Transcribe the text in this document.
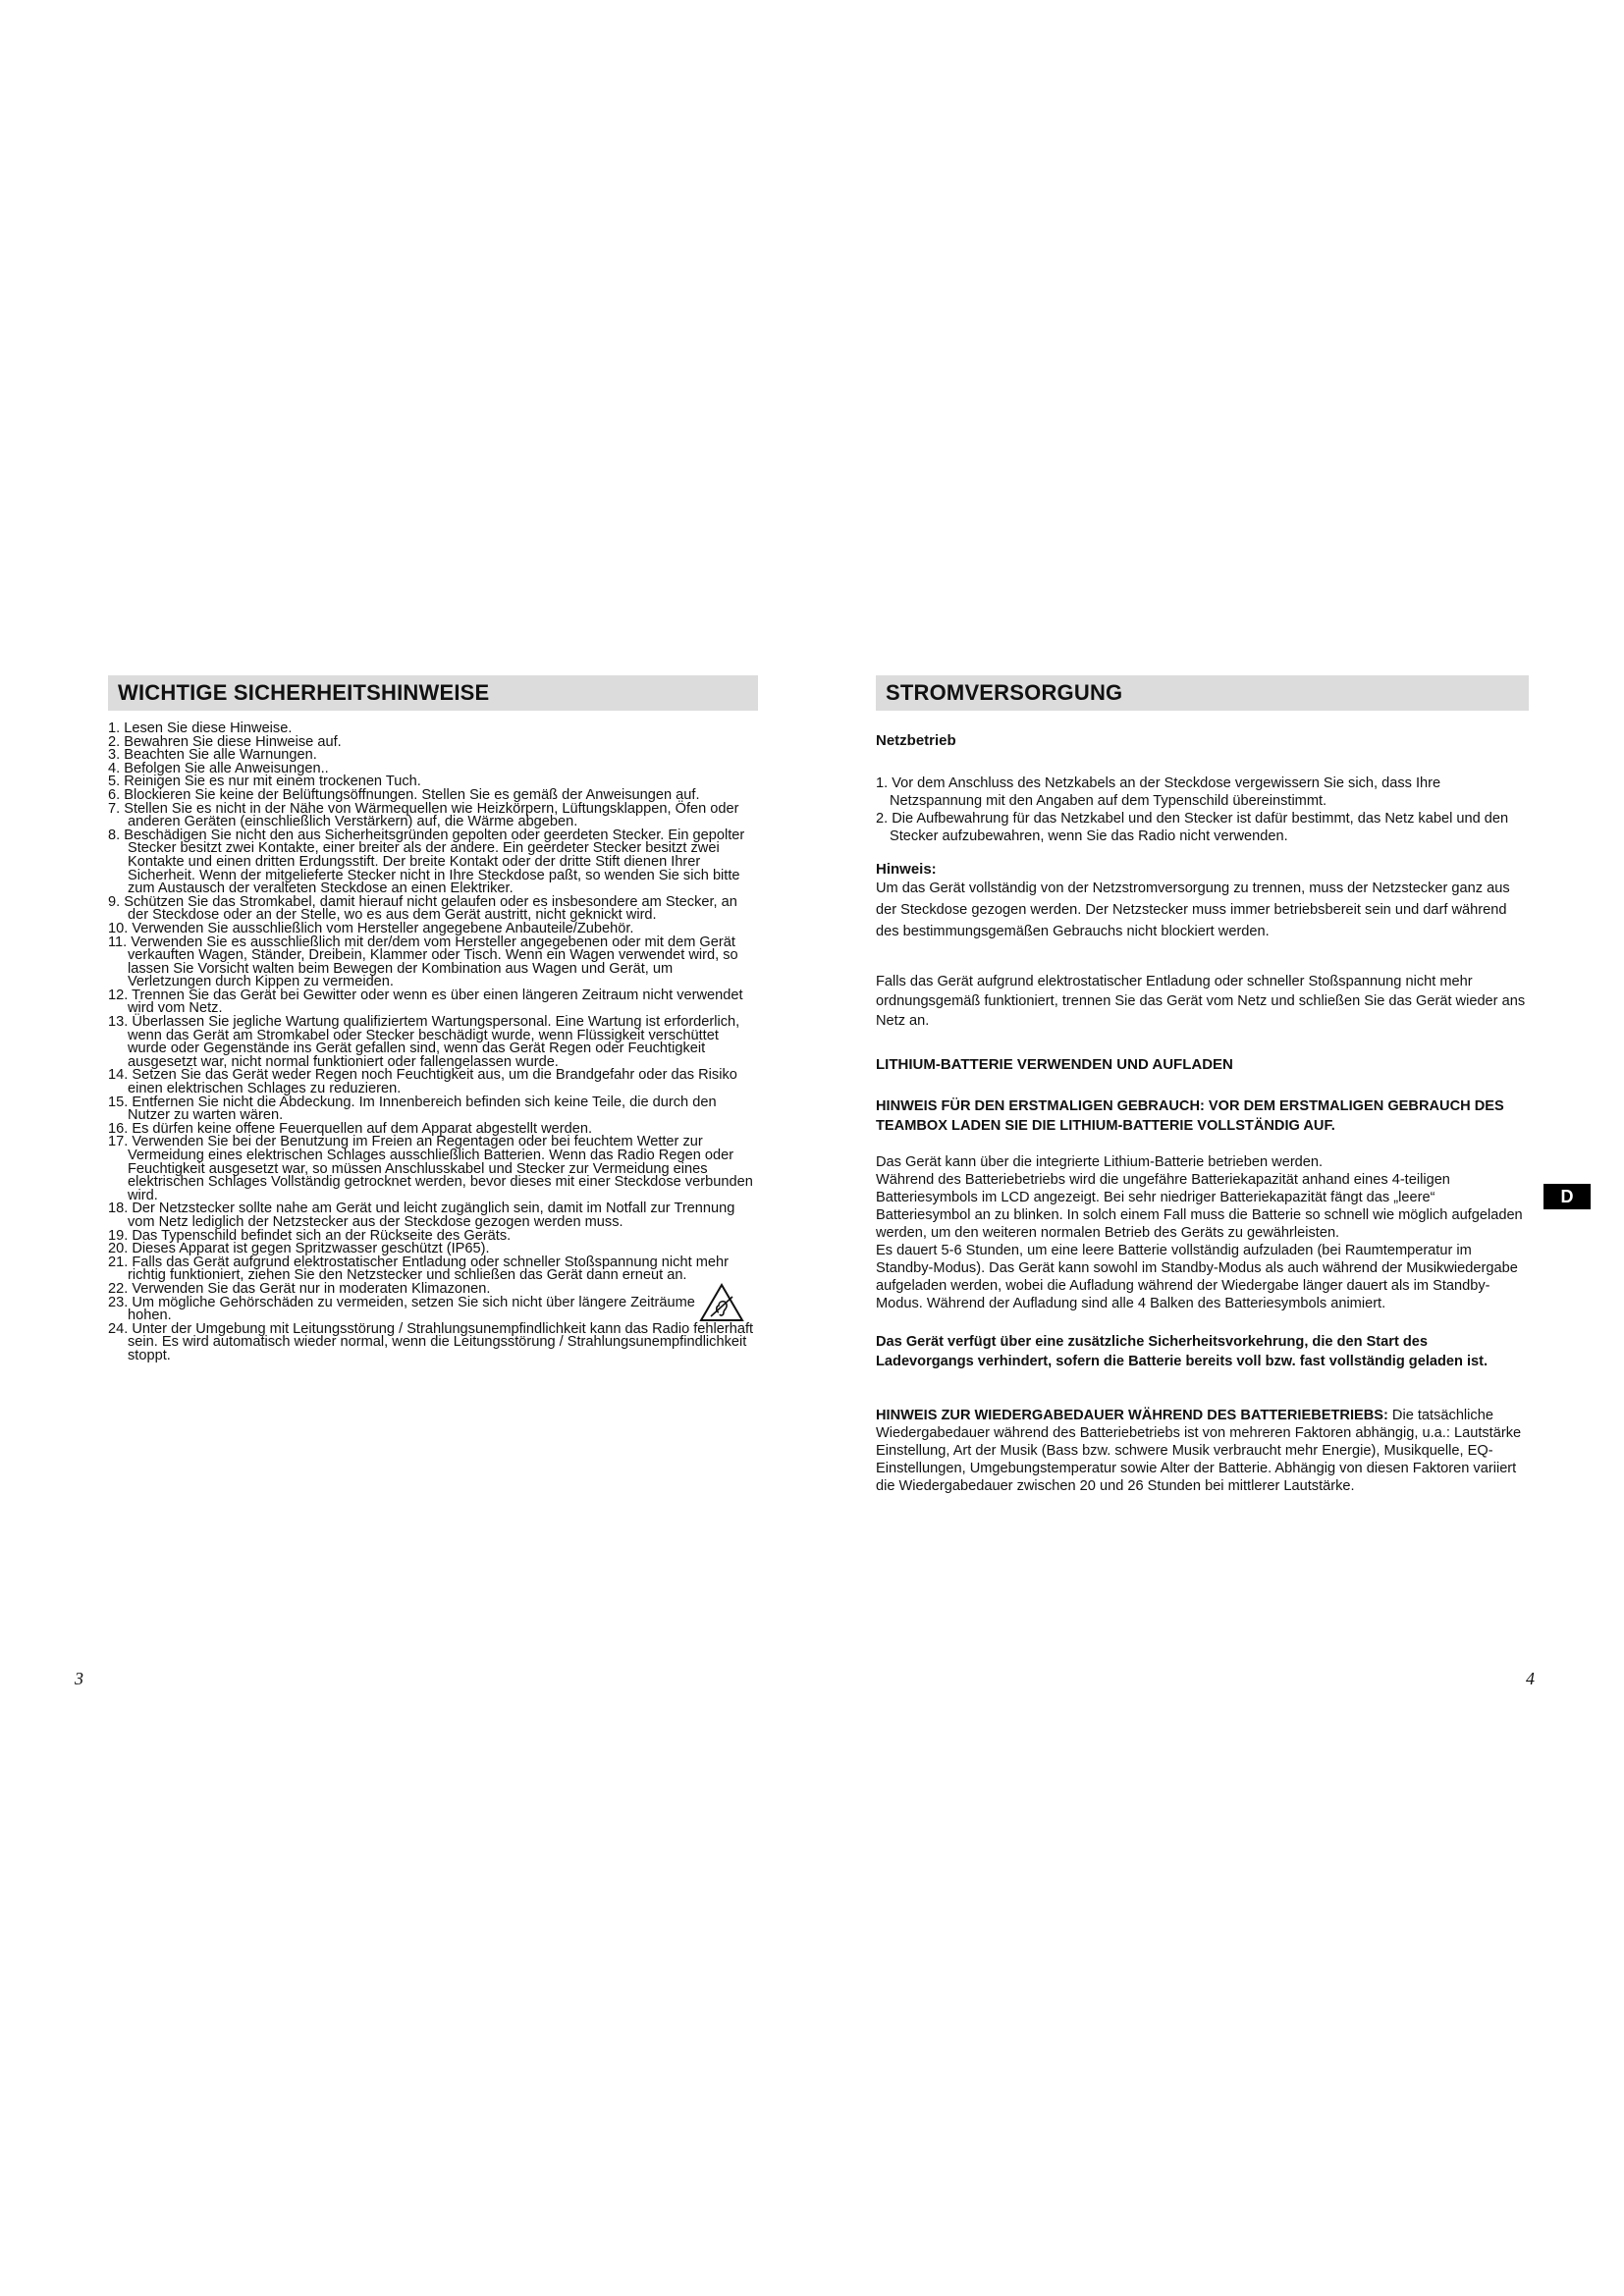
WICHTIGE SICHERHEITSHINWEISE
1. Lesen Sie diese Hinweise.
2. Bewahren Sie diese Hinweise auf.
3. Beachten Sie alle Warnungen.
4. Befolgen Sie alle Anweisungen..
5. Reinigen Sie es nur mit einem trockenen Tuch.
6. Blockieren Sie keine der Belüftungsöffnungen. Stellen Sie es gemäß der Anweisungen auf.
7. Stellen Sie es nicht in der Nähe von Wärmequellen wie Heizkörpern, Lüftungsklappen, Öfen oder anderen Geräten (einschließlich Verstärkern) auf, die Wärme abgeben.
8. Beschädigen Sie nicht den aus Sicherheitsgründen gepolten oder geerdeten Stecker. Ein gepolter Stecker besitzt zwei Kontakte, einer breiter als der andere. Ein geerdeter Stecker besitzt zwei Kontakte und einen dritten Erdungsstift. Der breite Kontakt oder der dritte Stift dienen Ihrer Sicherheit. Wenn der mitgelieferte Stecker nicht in Ihre Steckdose paßt, so wenden Sie sich bitte zum Austausch der veralteten Steckdose an einen Elektriker.
9. Schützen Sie das Stromkabel, damit hierauf nicht gelaufen oder es insbesondere am Stecker, an der Steckdose oder an der Stelle, wo es aus dem Gerät austritt, nicht geknickt wird.
10. Verwenden Sie ausschließlich vom Hersteller angegebene Anbauteile/Zubehör.
11. Verwenden Sie es ausschließlich mit der/dem vom Hersteller angegebenen oder mit dem Gerät verkauften Wagen, Ständer, Dreibein, Klammer oder Tisch. Wenn ein Wagen verwendet wird, so lassen Sie Vorsicht walten beim Bewegen der Kombination aus Wagen und Gerät, um Verletzungen durch Kippen zu vermeiden.
12. Trennen Sie das Gerät bei Gewitter oder wenn es über einen längeren Zeitraum nicht verwendet wird vom Netz.
13. Überlassen Sie jegliche Wartung qualifiziertem Wartungspersonal. Eine Wartung ist erforderlich, wenn das Gerät am Stromkabel oder Stecker beschädigt wurde, wenn Flüssigkeit verschüttet wurde oder Gegenstände ins Gerät gefallen sind, wenn das Gerät Regen oder Feuchtigkeit ausgesetzt war, nicht normal funktioniert oder fallengelassen wurde.
14. Setzen Sie das Gerät weder Regen noch Feuchtigkeit aus, um die Brandgefahr oder das Risiko einen elektrischen Schlages zu reduzieren.
15. Entfernen Sie nicht die Abdeckung. Im Innenbereich befinden sich keine Teile, die durch den Nutzer zu warten wären.
16. Es dürfen keine offene Feuerquellen auf dem Apparat abgestellt werden.
17. Verwenden Sie bei der Benutzung im Freien an Regentagen oder bei feuchtem Wetter zur Vermeidung eines elektrischen Schlages ausschließlich Batterien. Wenn das Radio Regen oder Feuchtigkeit ausgesetzt war, so müssen Anschlusskabel und Stecker zur Vermeidung eines elektrischen Schlages Vollständig getrocknet werden, bevor dieses mit einer Steckdose verbunden wird.
18. Der Netzstecker sollte nahe am Gerät und leicht zugänglich sein, damit im Notfall zur Trennung vom Netz lediglich der Netzstecker aus der Steckdose gezogen werden muss.
19. Das Typenschild befindet sich an der Rückseite des Geräts.
20. Dieses Apparat ist gegen Spritzwasser geschützt (IP65).
21. Falls das Gerät aufgrund elektrostatischer Entladung oder schneller Stoßspannung nicht mehr richtig funktioniert, ziehen Sie den Netzstecker und schließen das Gerät dann erneut an.
22. Verwenden Sie das Gerät nur in moderaten Klimazonen.
23. Um mögliche Gehörschäden zu vermeiden, setzen Sie sich nicht über längere Zeiträume hohen.
24. Unter der Umgebung mit Leitungsstörung / Strahlungsunempfindlichkeit kann das Radio fehlerhaft sein. Es wird automatisch wieder normal, wenn die Leitungsstörung / Strahlungsunempfindlichkeit stoppt.
3
STROMVERSORGUNG
Netzbetrieb

1. Vor dem Anschluss des Netzkabels an der Steckdose vergewissern Sie sich, dass Ihre Netzspannung mit den Angaben auf dem Typenschild übereinstimmt.

2. Die Aufbewahrung für das Netzkabel und den Stecker ist dafür bestimmt, das Netz kabel und den Stecker aufzubewahren, wenn Sie das Radio nicht verwenden.

Hinweis:

Um das Gerät vollständig von der Netzstromversorgung zu trennen, muss der Netzstecker ganz aus der Steckdose gezogen werden. Der Netzstecker muss immer betriebsbereit sein und darf während des bestimmungsgemäßen Gebrauchs nicht blockiert werden.

Falls das Gerät aufgrund elektrostatischer Entladung oder schneller Stoßspannung nicht mehr ordnungsgemäß funktioniert, trennen Sie das Gerät vom Netz und schließen Sie das Gerät wieder ans Netz an.

LITHIUM-BATTERIE VERWENDEN UND AUFLADEN

HINWEIS FÜR DEN ERSTMALIGEN GEBRAUCH: VOR DEM ERSTMALIGEN GEBRAUCH DES TEAMBOX LADEN SIE DIE LITHIUM-BATTERIE VOLLSTÄNDIG AUF.

Das Gerät kann über die integrierte Lithium-Batterie betrieben werden.

Während des Batteriebetriebs wird die ungefähre Batteriekapazität anhand eines 4-teiligen Batteriesymbols im LCD angezeigt. Bei sehr niedriger Batteriekapazität fängt das „leere“ Batteriesymbol an zu blinken. In solch einem Fall muss die Batterie so schnell wie möglich aufgeladen werden, um den weiteren normalen Betrieb des Geräts zu gewährleisten.

Es dauert 5-6 Stunden, um eine leere Batterie vollständig aufzuladen (bei Raumtemperatur im Standby-Modus). Das Gerät kann sowohl im Standby-Modus als auch während der Musikwiedergabe aufgeladen werden, wobei die Aufladung während der Wiedergabe länger dauert als im Standby-Modus. Während der Aufladung sind alle 4 Balken des Batteriesymbols animiert.

Das Gerät verfügt über eine zusätzliche Sicherheitsvorkehrung, die den Start des Ladevorgangs verhindert, sofern die Batterie bereits voll bzw. fast vollständig geladen ist.

HINWEIS ZUR WIEDERGABEDAUER WÄHREND DES BATTERIEBETRIEBS: Die tatsächliche Wiedergabedauer während des Batteriebetriebs ist von mehreren Faktoren abhängig, u.a.: Lautstärke Einstellung, Art der Musik (Bass bzw. schwere Musik verbraucht mehr Energie), Musikquelle, EQ-Einstellungen, Umgebungstemperatur sowie Alter der Batterie. Abhängig von diesen Faktoren variiert die Wiedergabedauer zwischen 20 und 26 Stunden bei mittlerer Lautstärke.

4
D
